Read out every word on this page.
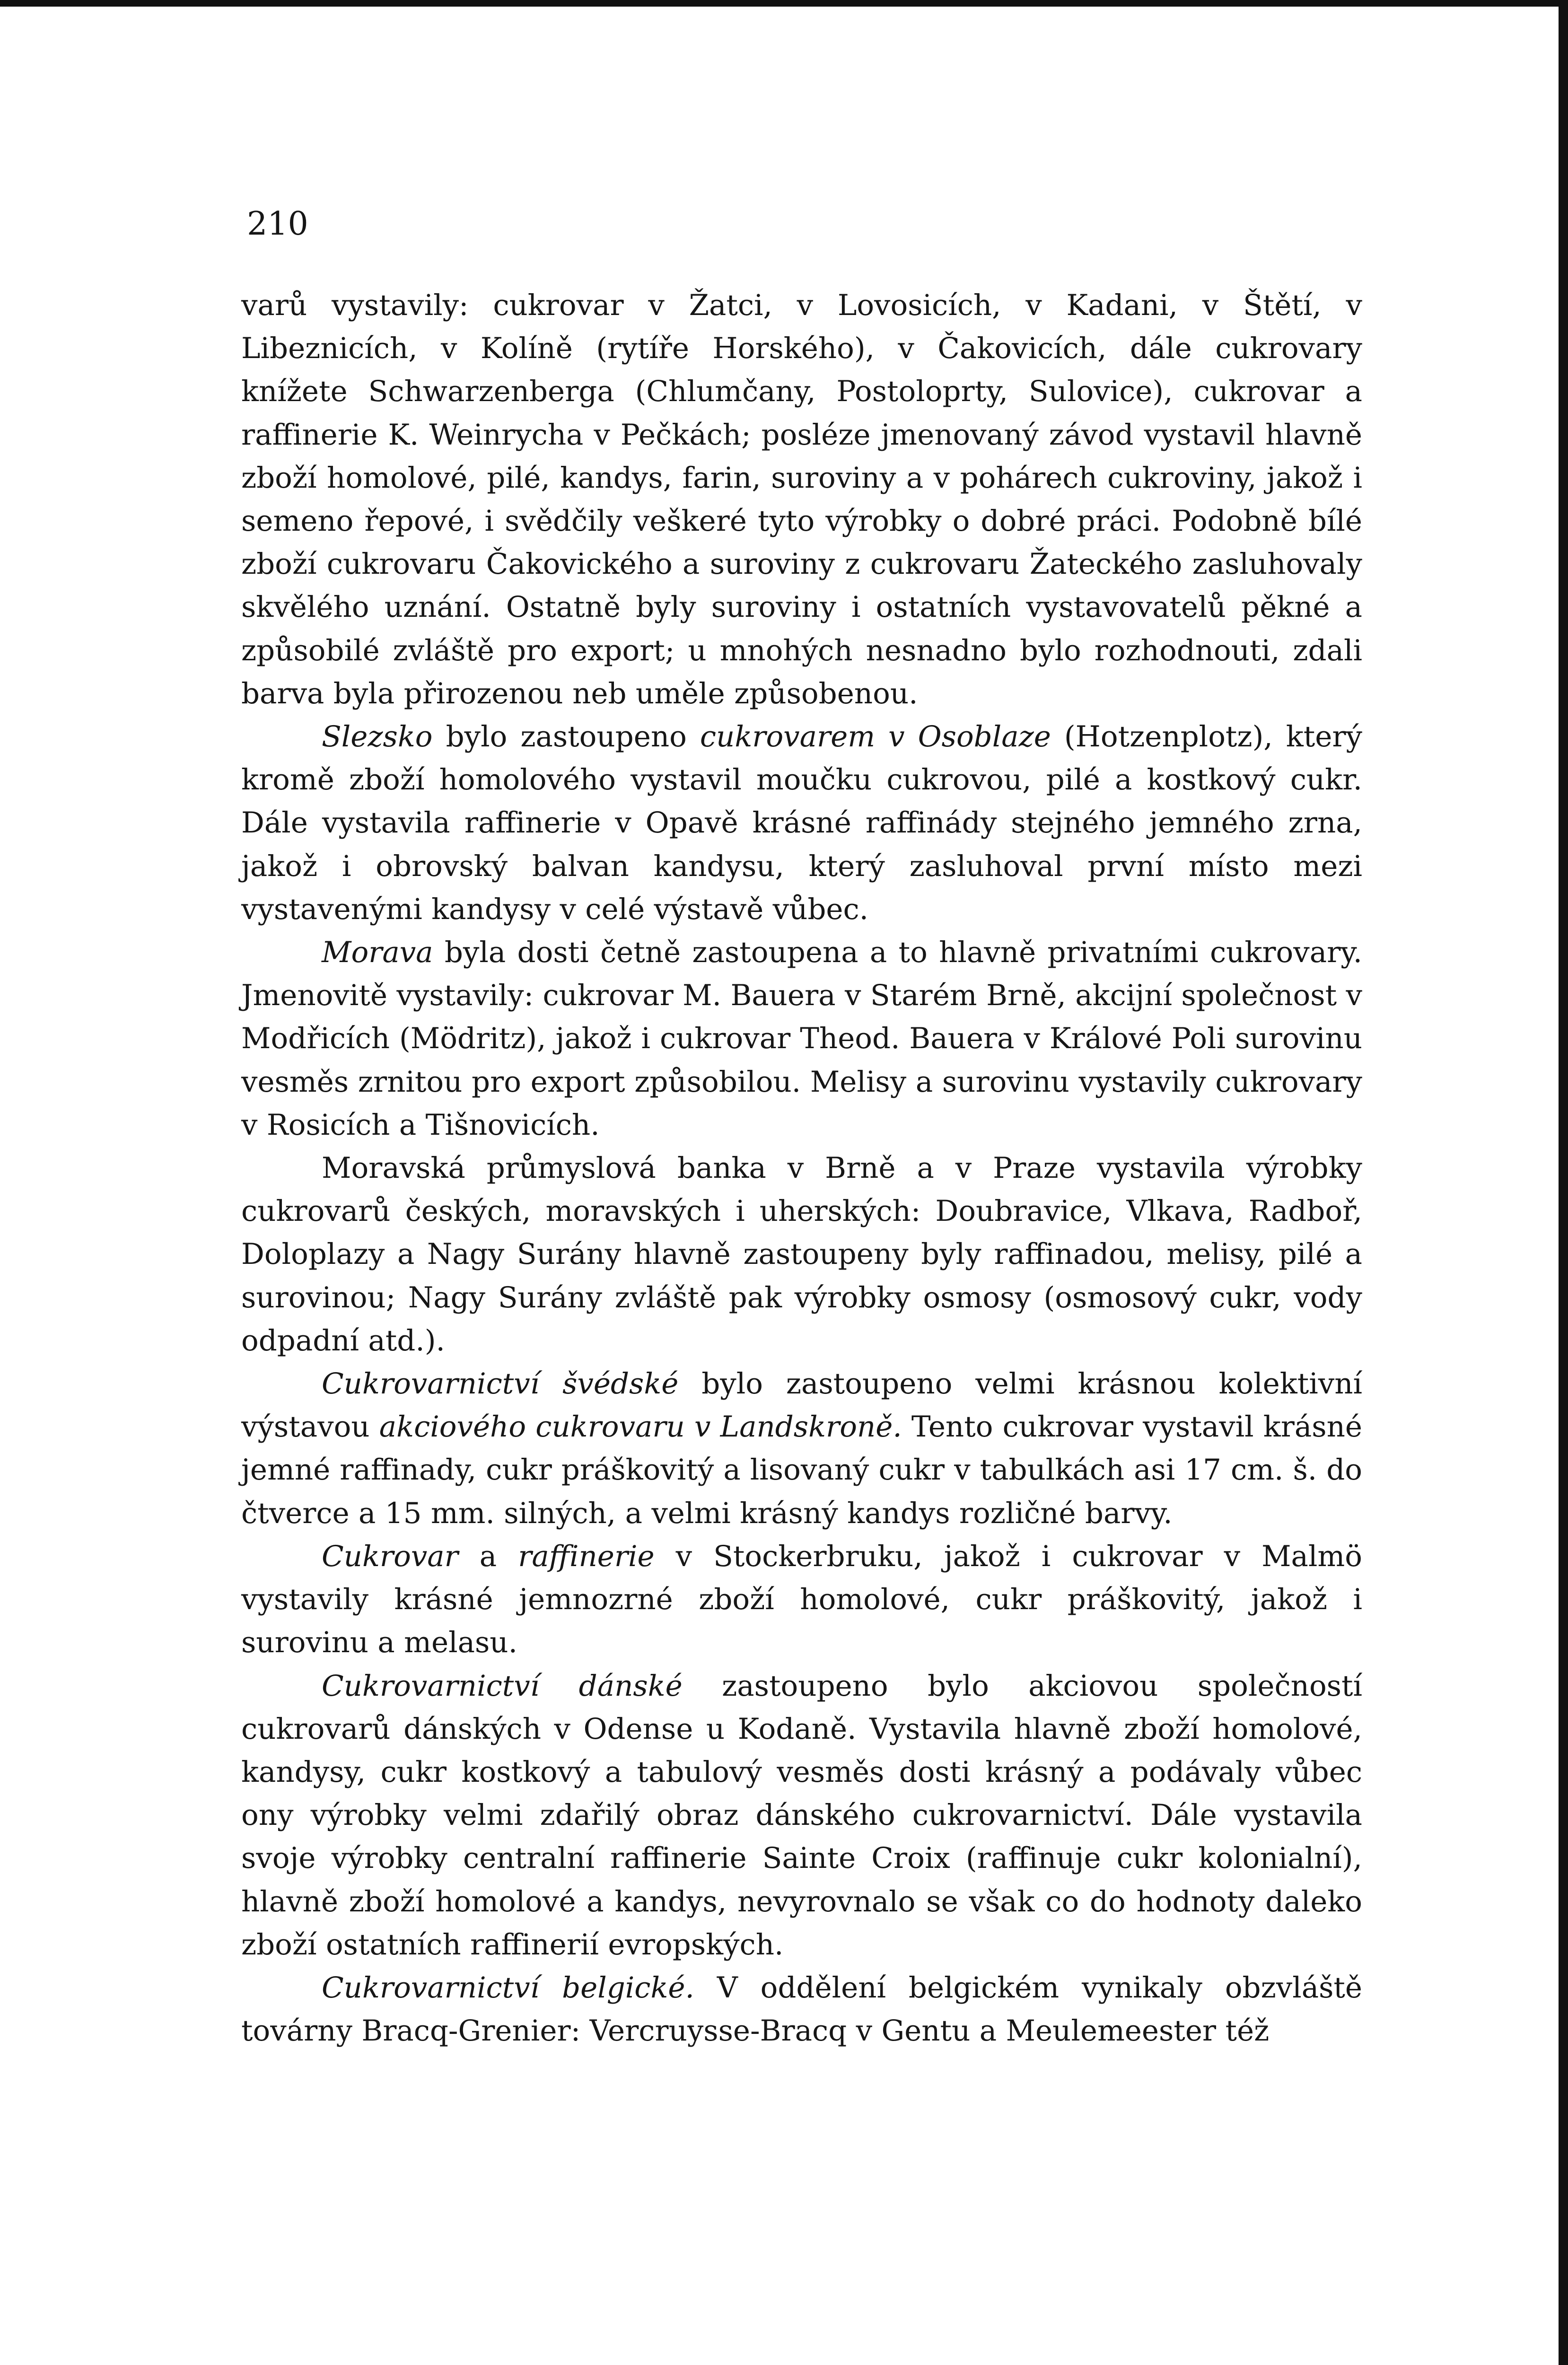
210

varů vystavily: cukrovar v Žatci, v Lovosicích, v Kadani, v Štětí, v Libeznicích, v Kolíně (rytíře Horského), v Čakovicích, dále cukrovary knížete Schwarzenberga (Chlumčany, Postoloprty, Sulovice), cukrovar a raffinerie K. Weinrycha v Pečkách; posléze jmenovaný závod vystavil hlavně zboží homolové, pilé, kandys, farin, suroviny a v pohárech cukroviny, jakož i semeno řepové, i svědčily veškeré tyto výrobky o dobré práci. Podobně bílé zboží cukrovaru Čakovického a suroviny z cukrovaru Žateckého zasluhovaly skvělého uznání. Ostatně byly suroviny i ostatních vystavovatelů pěkné a způsobilé zvláště pro export; u mnohých nesnadno bylo rozhodnouti, zdali barva byla přirozenou neb uměle způsobenou.

Slezsko bylo zastoupeno cukrovarem v Osoblaze (Hotzenplotz), který kromě zboží homolového vystavil moučku cukrovou, pilé a kostkový cukr. Dále vystavila raffinerie v Opavě krásné raffinády stejného jemného zrna, jakož i obrovský balvan kandysu, který zasluhoval první místo mezi vystavenými kandysy v celé výstavě vůbec.

Morava byla dosti četně zastoupena a to hlavně privatními cukrovary. Jmenovitě vystavily: cukrovar M. Bauera v Starém Brně, akcijní společnost v Modřicích (Mödritz), jakož i cukrovar Theod. Bauera v Králové Poli surovinu vesměs zrnitou pro export způsobilou. Melisy a surovinu vystavily cukrovary v Rosicích a Tišnovicích.

Moravská průmyslová banka v Brně a v Praze vystavila výrobky cukrovarů českých, moravských i uherských: Doubravice, Vlkava, Radboř, Doloplazy a Nagy Surány hlavně zastoupeny byly raffinadou, melisy, pilé a surovinou; Nagy Surány zvláště pak výrobky osmosy (osmosový cukr, vody odpadní atd.).

Cukrovarnictví švédské bylo zastoupeno velmi krásnou kolektivní výstavou akciového cukrovaru v Landskroně. Tento cukrovar vystavil krásné jemné raffinady, cukr práškovitý a lisovaný cukr v tabulkách asi 17 cm. š. do čtverce a 15 mm. silných, a velmi krásný kandys rozličné barvy.

Cukrovar a raffinerie v Stockerbruku, jakož i cukrovar v Malmö vystavily krásné jemnozrné zboží homolové, cukr práškovitý, jakož i surovinu a melasu.

Cukrovarnictví dánské zastoupeno bylo akciovou společností cukrovarů dánských v Odense u Kodaně. Vystavila hlavně zboží homolové, kandysy, cukr kostkový a tabulový vesměs dosti krásný a podávaly vůbec ony výrobky velmi zdařilý obraz dánského cukrovarnictví. Dále vystavila svoje výrobky centralní raffinerie Sainte Croix (raffinuje cukr kolonialní), hlavně zboží homolové a kandys, nevyrovnalo se však co do hodnoty daleko zboží ostatních raffinerií evropských.

Cukrovarnictví belgické. V oddělení belgickém vynikaly obzvláště továrny Bracq-Grenier: Vercruysse-Bracq v Gentu a Meulemeester též
